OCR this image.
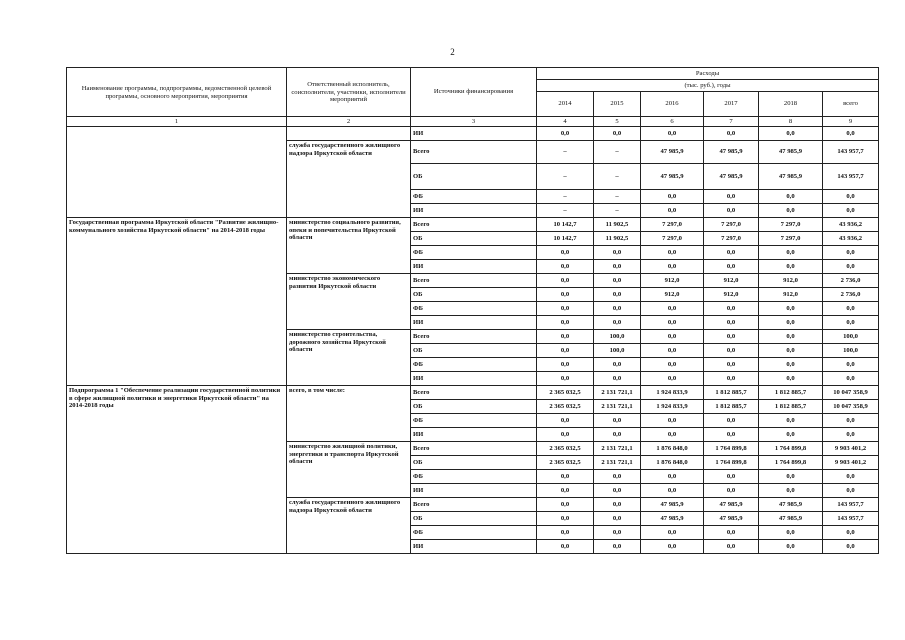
2
Наименование программы, подпрограммы, ведомственной целевой программы, основного мероприятия, мероприятия	Ответственный исполнитель, соисполнители, участники, исполнители мероприятий	Источники финансирования	Расходы					
			(тыс. руб.), годы					
			2014	2015	2016	2017	2018	всего
1	2	3	4	5	6	7	8	9
		ИИ	0,0	0,0	0,0	0,0	0,0	0,0
	служба государственного жилищного надзора Иркутской области	Всего	–	–	47 985,9	47 985,9	47 985,9	143 957,7
		ОБ	–	–	47 985,9	47 985,9	47 985,9	143 957,7
		ФБ	–	–	0,0	0,0	0,0	0,0
		ИИ	–	–	0,0	0,0	0,0	0,0
Государственная программа Иркутской области "Развитие жилищно-коммунального хозяйства Иркутской области" на 2014-2018 годы	министерство социального развития, опеки и попечительства Иркутской области	Всего	10 142,7	11 902,5	7 297,0	7 297,0	7 297,0	43 936,2
		ОБ	10 142,7	11 902,5	7 297,0	7 297,0	7 297,0	43 936,2
		ФБ	0,0	0,0	0,0	0,0	0,0	0,0
		ИИ	0,0	0,0	0,0	0,0	0,0	0,0
	министерство экономического развития Иркутской области	Всего	0,0	0,0	912,0	912,0	912,0	2 736,0
		ОБ	0,0	0,0	912,0	912,0	912,0	2 736,0
		ФБ	0,0	0,0	0,0	0,0	0,0	0,0
		ИИ	0,0	0,0	0,0	0,0	0,0	0,0
	министерство строительства, дорожного хозяйства Иркутской области	Всего	0,0	100,0	0,0	0,0	0,0	100,0
		ОБ	0,0	100,0	0,0	0,0	0,0	100,0
		ФБ	0,0	0,0	0,0	0,0	0,0	0,0
		ИИ	0,0	0,0	0,0	0,0	0,0	0,0
Подпрограмма 1 "Обеспечение реализации государственной политики в сфере жилищной политики и энергетики Иркутской области" на 2014-2018 годы	всего, в том числе:	Всего	2 365 032,5	2 131 721,1	1 924 833,9	1 812 885,7	1 812 885,7	10 047 358,9
		ОБ	2 365 032,5	2 131 721,1	1 924 833,9	1 812 885,7	1 812 885,7	10 047 358,9
		ФБ	0,0	0,0	0,0	0,0	0,0	0,0
		ИИ	0,0	0,0	0,0	0,0	0,0	0,0
	министерство жилищной политики, энергетики и транспорта Иркутской области	Всего	2 365 032,5	2 131 721,1	1 876 848,0	1 764 899,8	1 764 899,8	9 903 401,2
		ОБ	2 365 032,5	2 131 721,1	1 876 848,0	1 764 899,8	1 764 899,8	9 903 401,2
		ФБ	0,0	0,0	0,0	0,0	0,0	0,0
		ИИ	0,0	0,0	0,0	0,0	0,0	0,0
	служба государственного жилищного надзора Иркутской области	Всего	0,0	0,0	47 985,9	47 985,9	47 985,9	143 957,7
		ОБ	0,0	0,0	47 985,9	47 985,9	47 985,9	143 957,7
		ФБ	0,0	0,0	0,0	0,0	0,0	0,0
		ИИ	0,0	0,0	0,0	0,0	0,0	0,0
